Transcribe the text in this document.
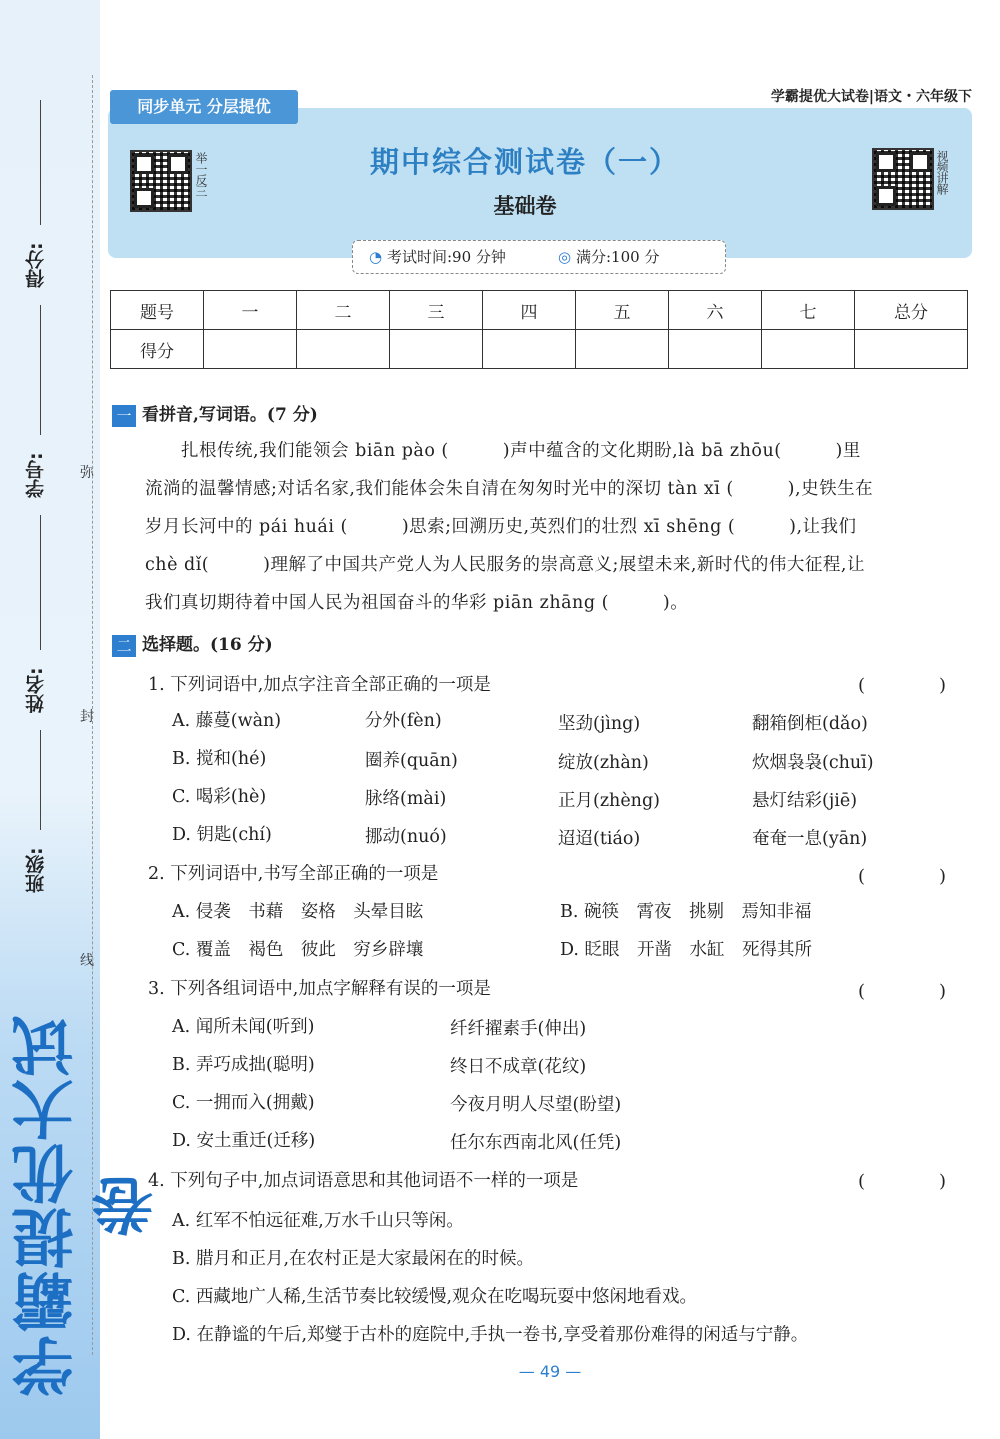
得分:
学号:
姓名:
班级:
学霸提优大试卷
弥
封
线
同步单元 分层提优	学霸提优大试卷|语文・六年级下
举一反三	视频讲解
期中综合测试卷（一）
基础卷
◔ 考试时间:90 分钟	◎ 满分:100 分
题号	一	二	三	四	五	六	七	总分
得分								
一 看拼音,写词语。(7 分)
扎根传统,我们能领会 biān pào (　　　)声中蕴含的文化期盼,là bā zhōu(　　　)里
流淌的温馨情感;对话名家,我们能体会朱自清在匆匆时光中的深切 tàn xī (　　　),史铁生在
岁月长河中的 pái huái (　　　)思索;回溯历史,英烈们的壮烈 xī shēng (　　　),让我们
chè dǐ(　　　)理解了中国共产党人为人民服务的崇高意义;展望未来,新时代的伟大征程,让
我们真切期待着中国人民为祖国奋斗的华彩 piān zhāng (　　　)。
二 选择题。(16 分)
1. 下列词语中,加点字注音全部正确的一项是	(　)
A. 藤蔓(wàn)	分外(fèn)	坚劲(jìng)	翻箱倒柜(dǎo)
B. 搅和(hé)	圈养(quān)	绽放(zhàn)	炊烟袅袅(chuī)
C. 喝彩(hè)	脉络(mài)	正月(zhèng)	悬灯结彩(jiē)
D. 钥匙(chí)	挪动(nuó)	迢迢(tiáo)	奄奄一息(yān)
2. 下列词语中,书写全部正确的一项是	(　)
A. 侵袭　书藉　姿格　头晕目眩	B. 碗筷　霄夜　挑剔　焉知非福
C. 覆盖　褐色　彼此　穷乡辟壤	D. 眨眼　开凿　水缸　死得其所
3. 下列各组词语中,加点字解释有误的一项是	(　)
A. 闻所未闻(听到)	纤纤擢素手(伸出)
B. 弄巧成拙(聪明)	终日不成章(花纹)
C. 一拥而入(拥戴)	今夜月明人尽望(盼望)
D. 安土重迁(迁移)	任尔东西南北风(任凭)
4. 下列句子中,加点词语意思和其他词语不一样的一项是	(　)
A. 红军不怕远征难,万水千山只等闲。
B. 腊月和正月,在农村正是大家最闲在的时候。
C. 西藏地广人稀,生活节奏比较缓慢,观众在吃喝玩耍中悠闲地看戏。
D. 在静谧的午后,郑燮于古朴的庭院中,手执一卷书,享受着那份难得的闲适与宁静。
— 49 —
